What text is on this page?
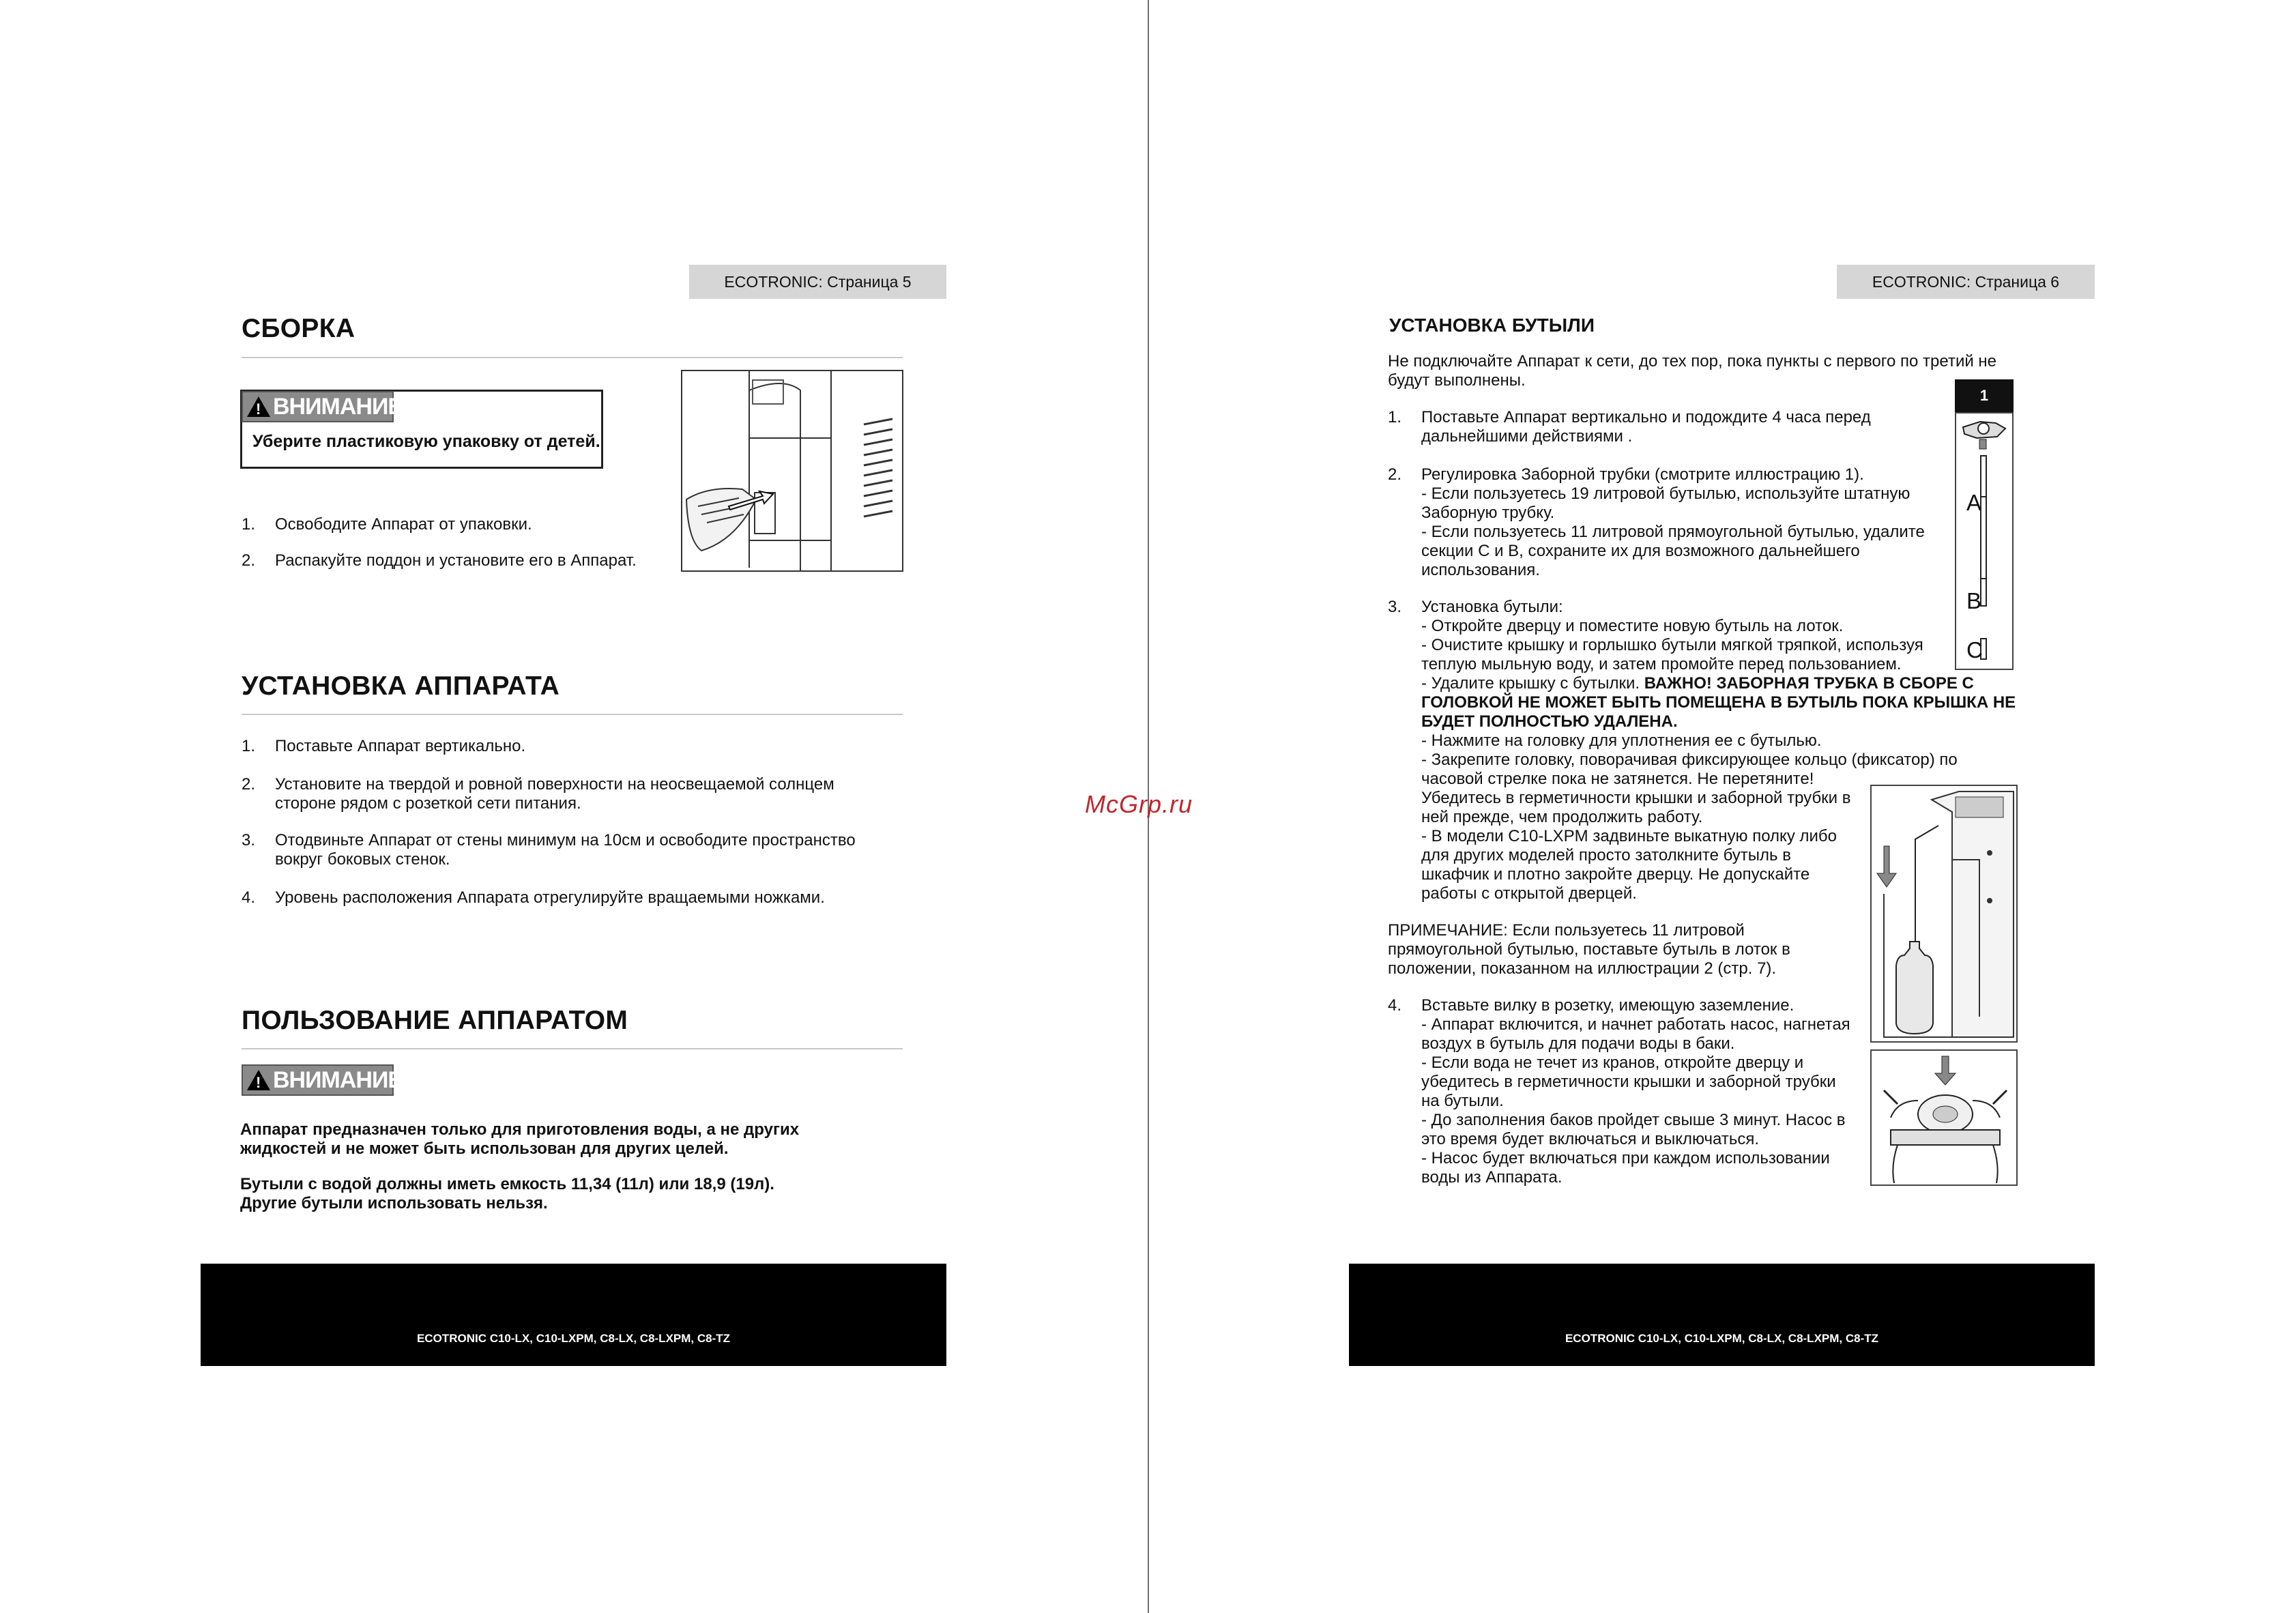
McGrp.ru
ECOTRONIC: Страница 5
СБОРКА
! ВНИМАНИЕ
Уберите пластиковую упаковку от детей.
1. Освободите Аппарат от упаковки.
2. Распакуйте поддон и установите его в Аппарат.
УСТАНОВКА АППАРАТА
1. Поставьте Аппарат вертикально.
2. Установите на твердой и ровной поверхности на неосвещаемой солнцем стороне рядом с розеткой сети питания.
3. Отодвиньте Аппарат от стены минимум на 10см и освободите пространство вокруг боковых стенок.
4. Уровень расположения Аппарата отрегулируйте вращаемыми ножками.
ПОЛЬЗОВАНИЕ АППАРАТОМ
! ВНИМАНИЕ
Аппарат предназначен только для приготовления воды, а не других жидкостей и не может быть использован для других целей.
Бутыли с водой должны иметь емкость 11,34 (11л) или 18,9 (19л). Другие бутыли использовать нельзя.
ECOTRONIC C10-LX, C10-LXPM, C8-LX, C8-LXPM, C8-TZ
ECOTRONIC: Страница 6
УСТАНОВКА БУТЫЛИ
Не подключайте Аппарат к сети, до тех пор, пока пункты с первого по третий не будут выполнены.
1
A
B
C
1. Поставьте Аппарат вертикально и подождите 4 часа перед дальнейшими действиями .
2. Регулировка Заборной трубки (смотрите иллюстрацию 1).
- Если пользуетесь 19 литровой бутылью, используйте штатную Заборную трубку.
- Если пользуетесь 11 литровой прямоугольной бутылью, удалите секции C и B, сохраните их для возможного дальнейшего использования.
3. Установка бутыли:
- Откройте дверцу и поместите новую бутыль на лоток.
- Очистите крышку и горлышко бутыли мягкой тряпкой, используя теплую мыльную воду, и затем промойте перед пользованием.
- Удалите крышку с бутылки. ВАЖНО! ЗАБОРНАЯ ТРУБКА В СБОРЕ С ГОЛОВКОЙ НЕ МОЖЕТ БЫТЬ ПОМЕЩЕНА В БУТЫЛЬ ПОКА КРЫШКА НЕ БУДЕТ ПОЛНОСТЬЮ УДАЛЕНА.
- Нажмите на головку для уплотнения ее с бутылью.
- Закрепите головку, поворачивая фиксирующее кольцо (фиксатор) по часовой стрелке пока не затянется. Не перетяните!
Убедитесь в герметичности крышки и заборной трубки в ней прежде, чем продолжить работу.
- В модели C10-LXPM задвиньте выкатную полку либо для других моделей просто затолкните бутыль в шкафчик и плотно закройте дверцу. Не допускайте работы с открытой дверцей.
ПРИМЕЧАНИЕ: Если пользуетесь 11 литровой прямоугольной бутылью, поставьте бутыль в лоток в положении, показанном на иллюстрации 2 (стр. 7).
4. Вставьте вилку в розетку, имеющую заземление.
- Аппарат включится, и начнет работать насос, нагнетая воздух в бутыль для подачи воды в баки.
- Если вода не течет из кранов, откройте дверцу и убедитесь в герметичности крышки и заборной трубки на бутыли.
- До заполнения баков пройдет свыше 3 минут. Насос в это время будет включаться и выключаться.
- Насос будет включаться при каждом использовании воды из Аппарата.
ECOTRONIC C10-LX, C10-LXPM, C8-LX, C8-LXPM, C8-TZ
